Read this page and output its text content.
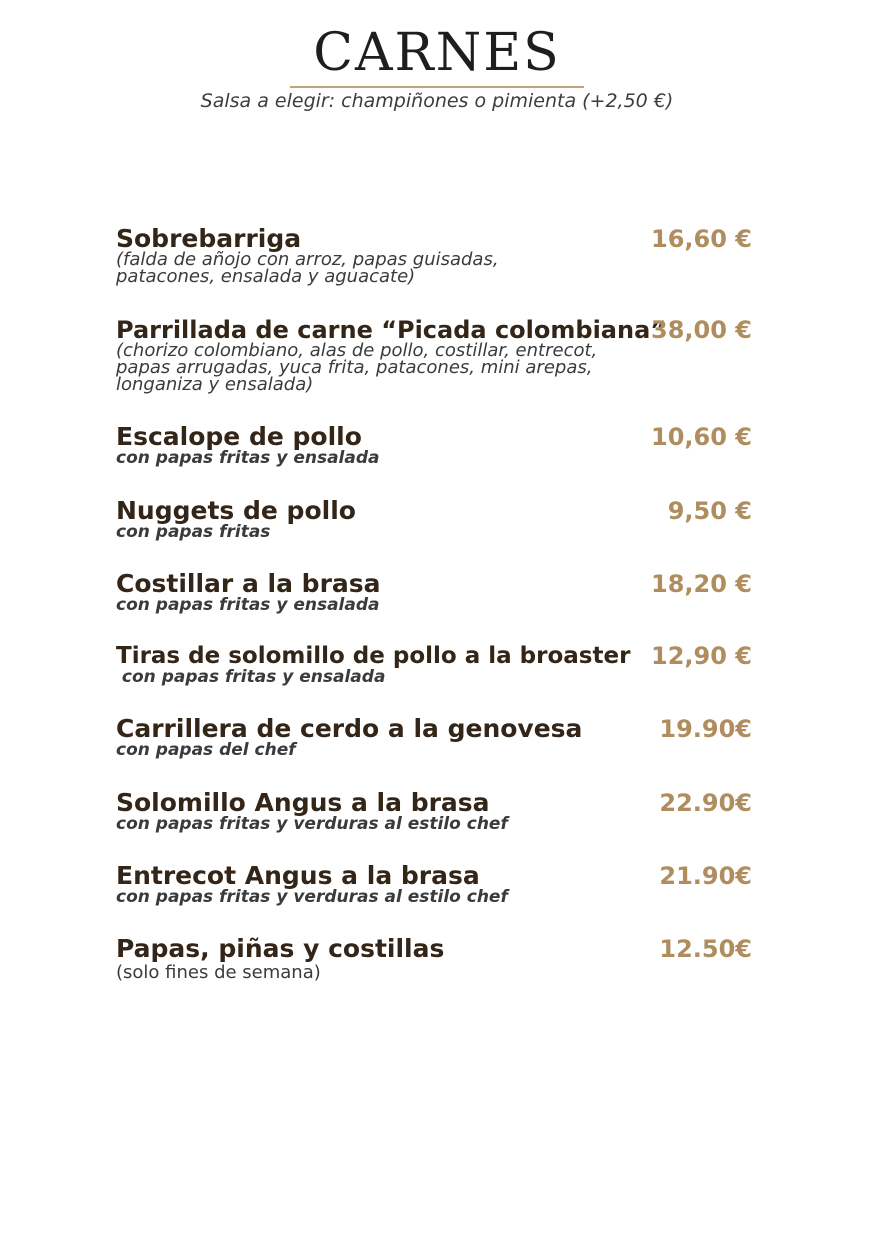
CARNES
Salsa a elegir: champiñones o pimienta (+2,50 €)
Sobrebarriga
(falda de añojo con arroz, papas guisadas, patacones, ensalada y aguacate)
16,60 €
Parrillada de carne “Picada colombiana”
(chorizo colombiano, alas de pollo, costillar, entrecot, papas arrugadas, yuca frita, patacones, mini arepas, longaniza y ensalada)
38,00 €
Escalope de pollo
con papas fritas y ensalada
10,60 €
Nuggets de pollo
con papas fritas
9,50 €
Costillar a la brasa
con papas fritas y ensalada
18,20 €
Tiras de solomillo de pollo a la broaster
con papas fritas y ensalada
12,90 €
Carrillera de cerdo a la genovesa
con papas del chef
19.90€
Solomillo Angus a la brasa
con papas fritas y verduras al estilo chef
22.90€
Entrecot Angus a la brasa
con papas fritas y verduras al estilo chef
21.90€
Papas, piñas y costillas
(solo fines de semana)
12.50€
